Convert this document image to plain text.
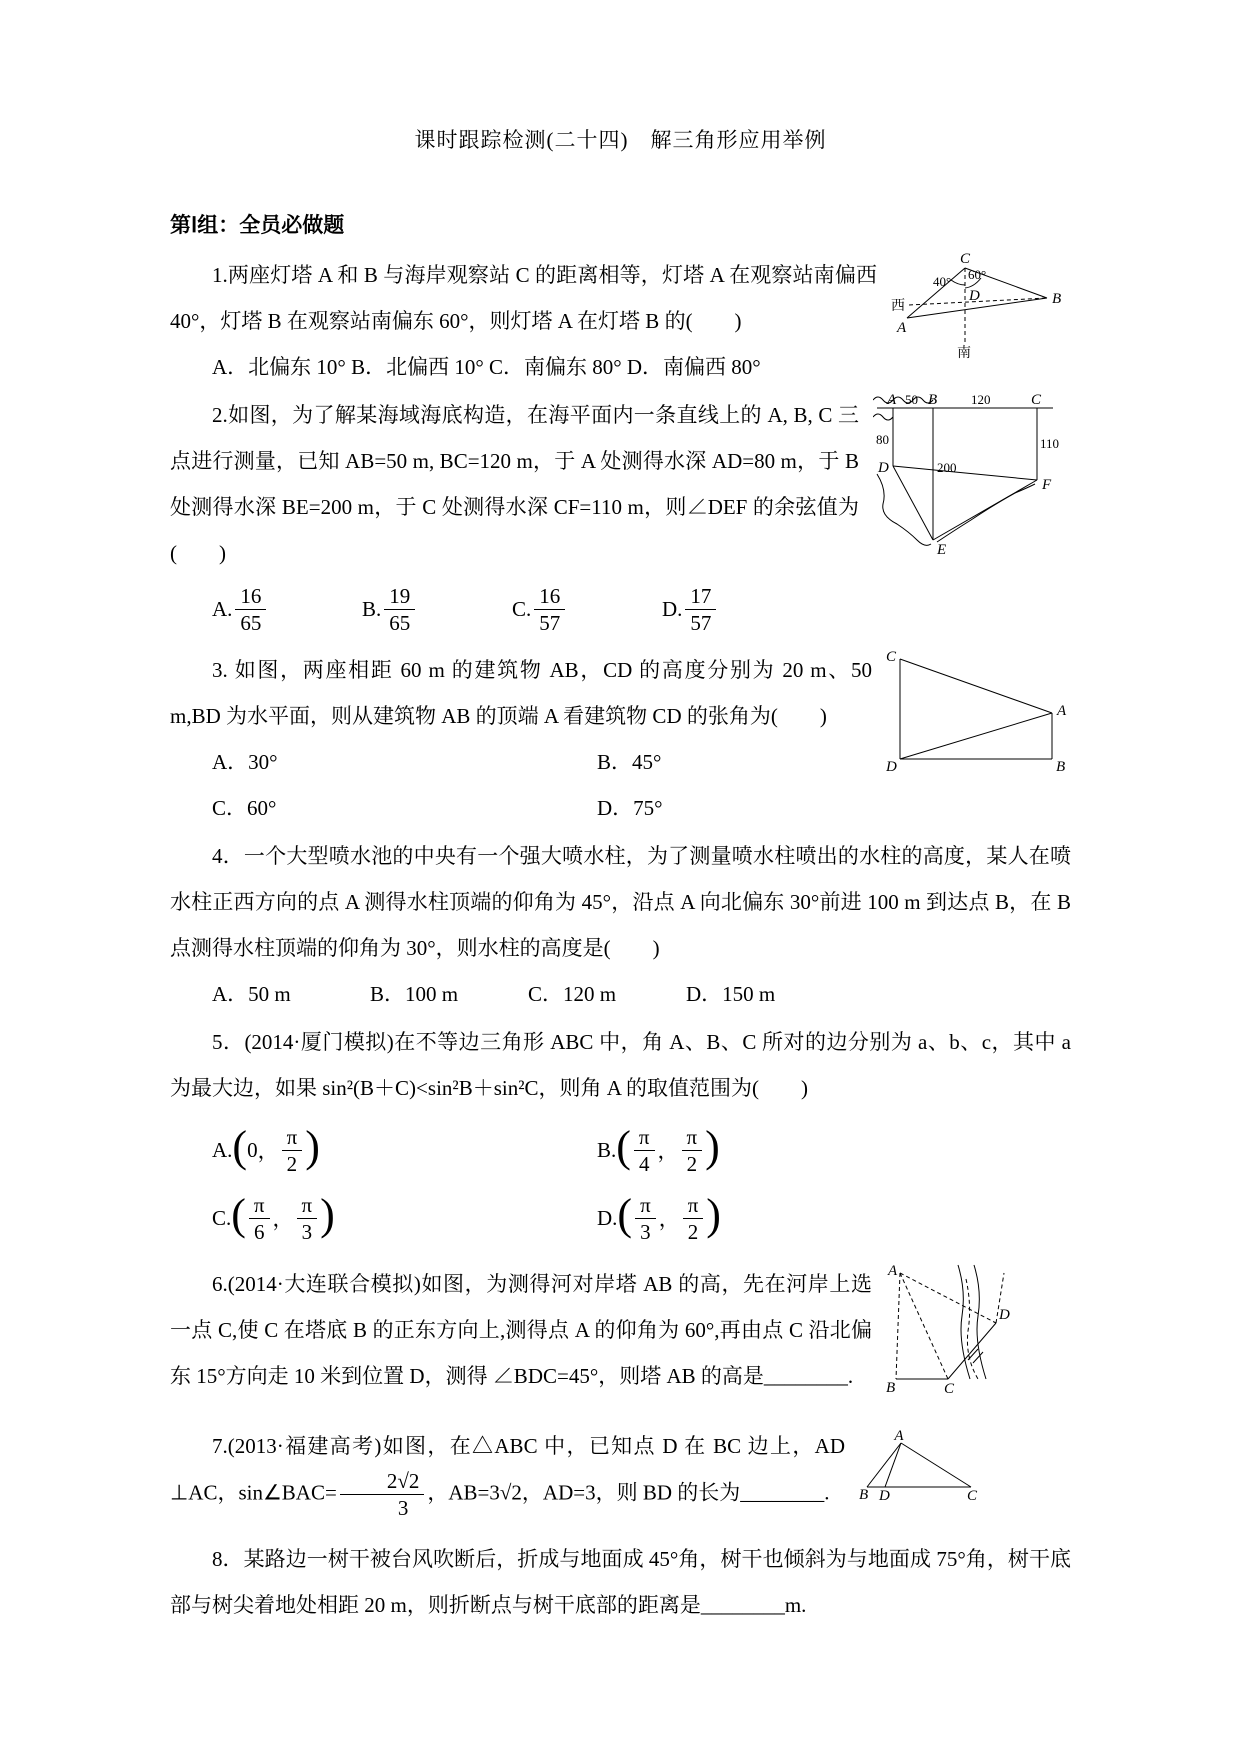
课时跟踪检测(二十四)　解三角形应用举例
第Ⅰ组：全员必做题
C
60°
40°
D	B
A
西
南

1.两座灯塔 A 和 B 与海岸观察站 C 的距离相等，灯塔 A 在观察站南偏西 40°，灯塔 B 在观察站南偏东 60°，则灯塔 A 在灯塔 B 的(　　)

A．北偏东 10° B．北偏西 10° C．南偏东 80° D．南偏西 80°

A 50 B	120	C
80
200
110
D
E
F

2.如图，为了解某海域海底构造，在海平面内一条直线上的 A, B, C 三点进行测量，已知 AB=50 m, BC=120 m，于 A 处测得水深 AD=80 m，于 B 处测得水深 BE=200 m，于 C 处测得水深 CF=110 m，则∠DEF 的余弦值为(　　)

A. $\frac{16}{65}$	B. $\frac{19}{65}$	C. $\frac{16}{57}$	D. $\frac{17}{57}$
C
A
D	B

3. 如图，两座相距 60 m 的建筑物 AB，CD 的高度分别为 20 m、50 m,BD 为水平面，则从建筑物 AB 的顶端 A 看建筑物 CD 的张角为(　　)

A．30°	B．45°
C．60°	D．75°

4．一个大型喷水池的中央有一个强大喷水柱，为了测量喷水柱喷出的水柱的高度，某人在喷水柱正西方向的点 A 测得水柱顶端的仰角为 45°，沿点 A 向北偏东 30°前进 100 m 到达点 B，在 B 点测得水柱顶端的仰角为 30°，则水柱的高度是(　　)

A．50 m	B．100 m	C．120 m	D．150 m

5．(2014·厦门模拟)在不等边三角形 ABC 中，角 A、B、C 所对的边分别为 a、b、c，其中 a 为最大边，如果 sin²(B＋C)<sin²B＋sin²C，则角 A 的取值范围为(　　)

A. ( 0 ， $\frac{\pi}{2}$ )	B. ( $\frac{\pi}{4}$ ， $\frac{\pi}{2}$ )
C. ( $\frac{\pi}{6}$ ， $\frac{\pi}{3}$ )	D. ( $\frac{\pi}{3}$ ， $\frac{\pi}{2}$ )
A
B	C
D

6.(2014·大连联合模拟)如图，为测得河对岸塔 AB 的高，先在河岸上选一点 C,使 C 在塔底 B 的正东方向上,测得点 A 的仰角为 60°,再由点 C 沿北偏东 15°方向走 10 米到位置 D，测得 ∠BDC=45°，则塔 AB 的高是________.

A
B D	C

7.(2013·福建高考)如图，在△ABC 中，已知点 D 在 BC 边上，AD ⊥AC，sin∠BAC= $\frac{2√2}{3}$ ，AB=3√2，AD=3，则 BD 的长为________.

8．某路边一树干被台风吹断后，折成与地面成 45°角，树干也倾斜为与地面成 75°角，树干底部与树尖着地处相距 20 m，则折断点与树干底部的距离是________m.
